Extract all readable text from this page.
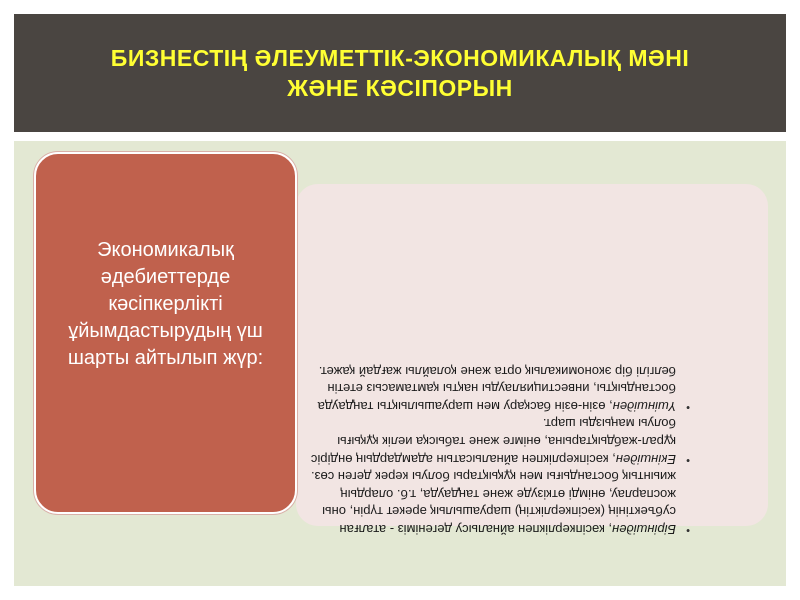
БИЗНЕСТІҢ ӘЛЕУМЕТТІК-ЭКОНОМИКАЛЫҚ МӘНІ
ЖӘНЕ КӘСІПОРЫН

•
Біріншіден, кәсіпкерлікпен айналысу дегеніміз - аталған субъектінің (кәсіпкерліктің) шаруашылық әрекет түрін, оны жоспарлау, өнімді өткізуде және таңдауда, т.б. олардың жиынтық бостандығы мен құқықтары болуы керек деген сөз.

•
Екіншіден, кәсіпкерлікпен айналысатын адамдардың өндіріс құрал-жабдықтарына, өнімге және табысқа иелік құқығы болуы маңызды шарт.

•
Үшіншіден, өзін-өзін басқару мен шаруашылықты таңдауда бостандықты, инвестициялауды нақты қамтамасыз ететін белгілі бір экономикалық орта және қолайлы жағдай қажет.

Экономикалық әдебиеттерде кәсіпкерлікті ұйымдастырудың үш шарты айтылып жүр:
